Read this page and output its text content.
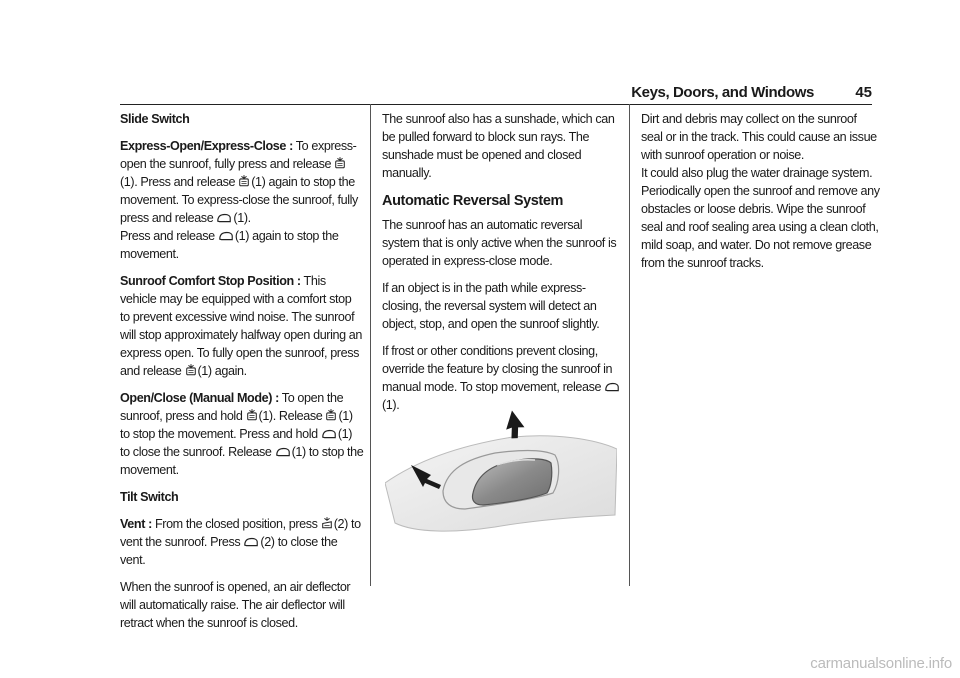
Keys, Doors, and Windows	45

Slide Switch

Express-Open/Express-Close : To express-open the sunroof, fully press and release (1). Press and release (1) again to stop the movement. To express-close the sunroof, fully press and release (1).
Press and release (1) again to stop the movement.

Sunroof Comfort Stop Position : This vehicle may be equipped with a comfort stop to prevent excessive wind noise. The sunroof will stop approximately halfway open during an express open. To fully open the sunroof, press and release (1) again.

Open/Close (Manual Mode) : To open the sunroof, press and hold (1). Release (1) to stop the movement. Press and hold (1) to close the sunroof. Release (1) to stop the movement.

Tilt Switch

Vent : From the closed position, press (2) to vent the sunroof. Press (2) to close the vent.

When the sunroof is opened, an air deflector will automatically raise. The air deflector will retract when the sunroof is closed.

The sunroof also has a sunshade, which can be pulled forward to block sun rays. The sunshade must be opened and closed manually.

Automatic Reversal System

The sunroof has an automatic reversal system that is only active when the sunroof is operated in express-close mode.

If an object is in the path while express-closing, the reversal system will detect an object, stop, and open the sunroof slightly.

If frost or other conditions prevent closing, override the feature by closing the sunroof in manual mode. To stop movement, release (1).

Dirt and debris may collect on the sunroof seal or in the track. This could cause an issue with sunroof operation or noise.

It could also plug the water drainage system. Periodically open the sunroof and remove any obstacles or loose debris. Wipe the sunroof seal and roof sealing area using a clean cloth, mild soap, and water. Do not remove grease from the sunroof tracks.

carmanualsonline.info
